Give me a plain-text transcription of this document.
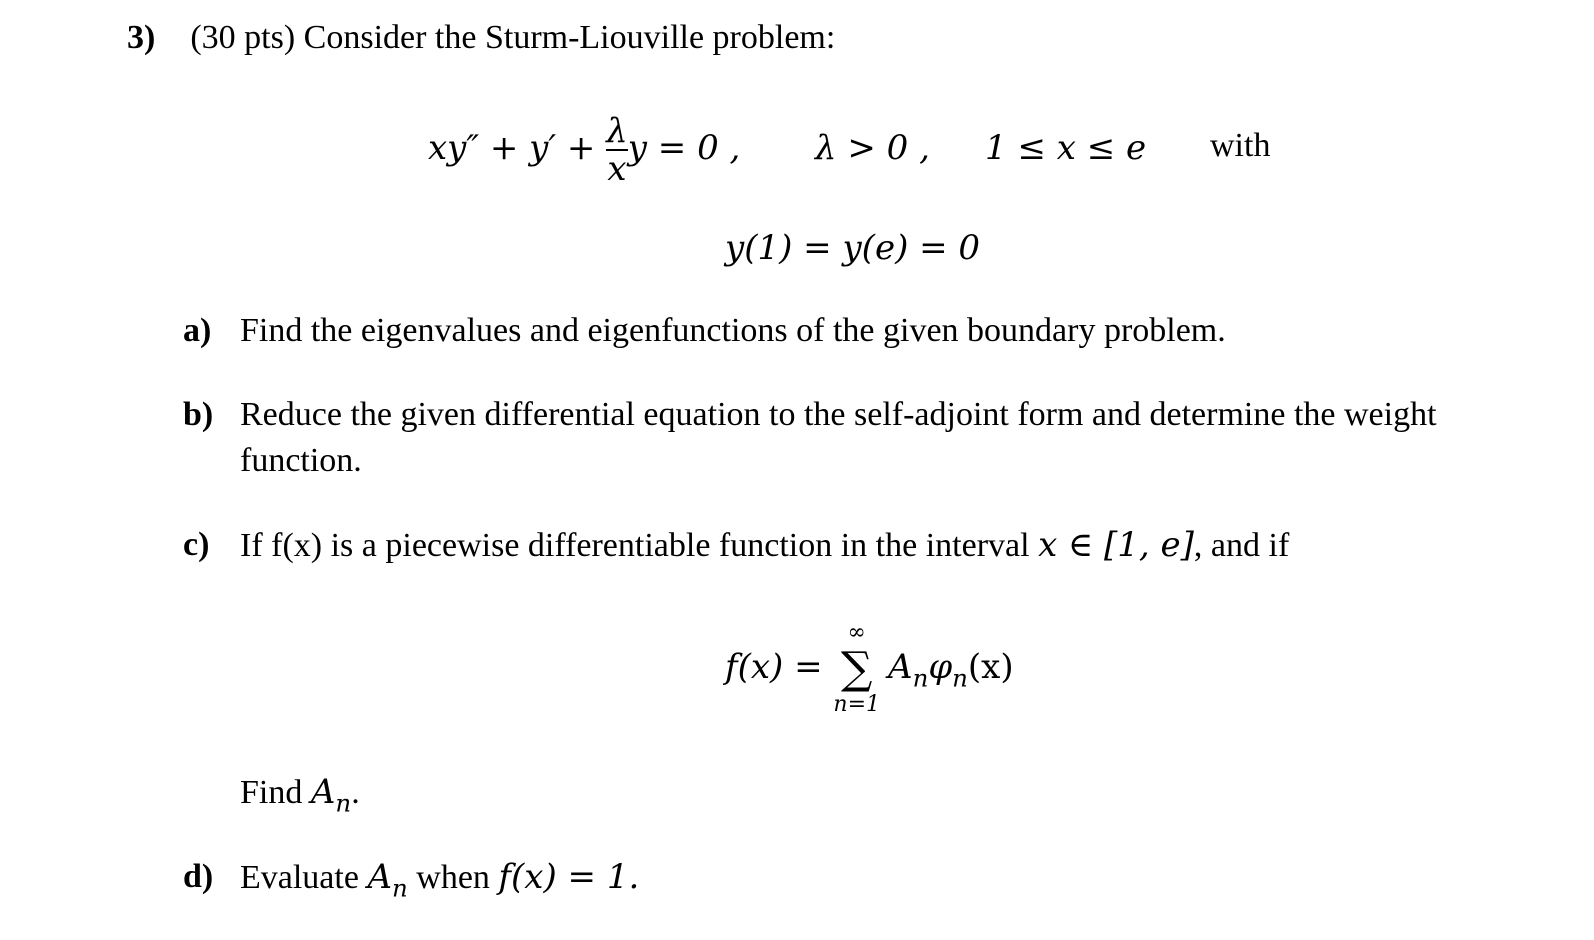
3) (30 pts) Consider the Sturm-Liouville problem:
$xy'' + y' + \frac{\lambda}{x}$ y = 0 , λ > 0 , 1 ≤ x ≤ e with
y(1) = y(e) = 0
a) Find the eigenvalues and eigenfunctions of the given boundary problem.
b) Reduce the given differential equation to the self-adjoint form and determine the weight
function.
c) If f(x) is a piecewise differentiable function in the interval x ∈ [1, e], and if
f(x) =
∞
∑
n=1
$A_n\varphi_n(x)$
Find $A_n$.
d) Evaluate $A_n$ when f(x) = 1.
